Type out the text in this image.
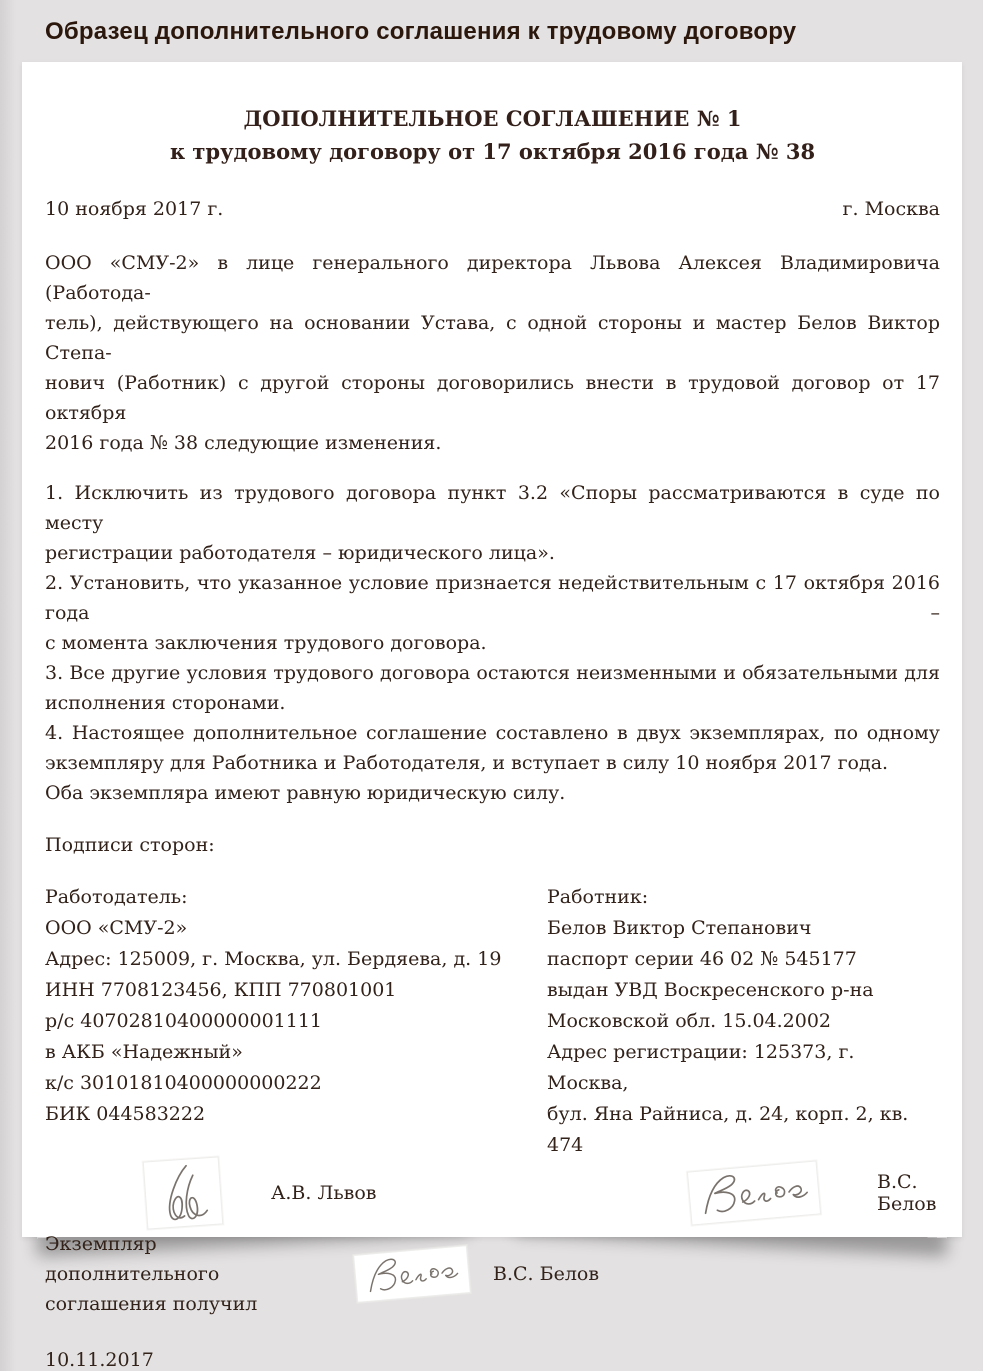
Образец дополнительного соглашения к трудовому договору
ДОПОЛНИТЕЛЬНОЕ СОГЛАШЕНИЕ № 1
к трудовому договору от 17 октября 2016 года № 38
10 ноября 2017 г.	г. Москва
ООО «СМУ-2» в лице генерального директора Львова Алексея Владимировича (Работода-
тель), действующего на основании Устава, с одной стороны и мастер Белов Виктор Степа-
нович (Работник) с другой стороны договорились внести в трудовой договор от 17 октября
2016 года № 38 следующие изменения.
1. Исключить из трудового договора пункт 3.2 «Споры рассматриваются в суде по месту
регистрации работодателя – юридического лица».
2. Установить, что указанное условие признается недействительным с 17 октября 2016 года –
с момента заключения трудового договора.
3. Все другие условия трудового договора остаются неизменными и обязательными для
исполнения сторонами.
4. Настоящее дополнительное соглашение составлено в двух экземплярах, по одному
экземпляру для Работника и Работодателя, и вступает в силу 10 ноября 2017 года.
Оба экземпляра имеют равную юридическую силу.
Подписи сторон:
Работодатель:
ООО «СМУ-2»
Адрес: 125009, г. Москва, ул. Бердяева, д. 19
ИНН 7708123456, КПП 770801001
р/с 40702810400000001111
в АКБ «Надежный»
к/с 30101810400000000222
БИК 044583222
Работник:
Белов Виктор Степанович
паспорт серии 46 02 № 545177
выдан УВД Воскресенского р-на
Московской обл. 15.04.2002
Адрес регистрации: 125373, г. Москва,
бул. Яна Райниса, д. 24, корп. 2, кв. 474
А.В. Львов	В.С. Белов
Экземпляр дополнительного
соглашения получил
В.С. Белов
10.11.2017
